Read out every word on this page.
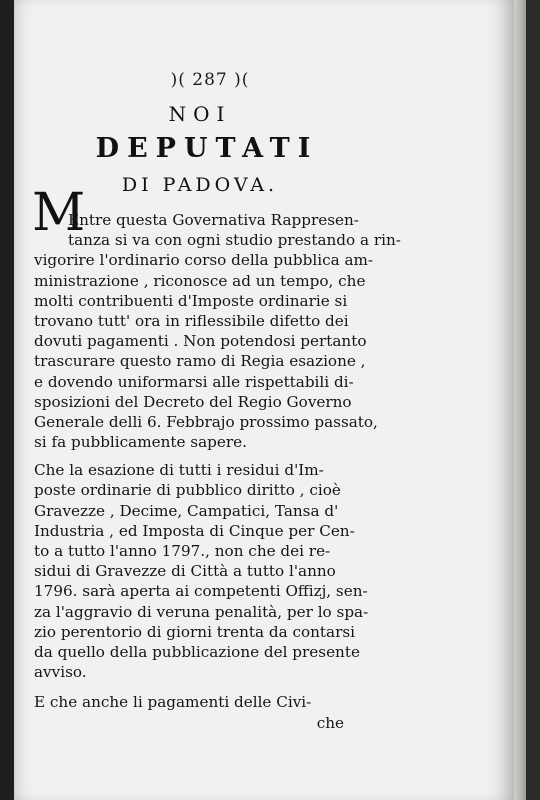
)( 287 )(
NOI
DEPUTATI
DI PADOVA.
M
Entre questa Governativa Rappresen-
tanza si va con ogni studio prestando a rin-
vigorire l'ordinario corso della pubblica am-
ministrazione , riconosce ad un tempo, che
molti contribuenti d'Imposte ordinarie si
trovano tutt' ora in riflessibile difetto dei
dovuti pagamenti . Non potendosi pertanto
trascurare questo ramo di Regia esazione ,
e dovendo uniformarsi alle rispettabili di-
sposizioni del Decreto del Regio Governo
Generale delli 6. Febbrajo prossimo passato,
si fa pubblicamente sapere.
Che la esazione di tutti i residui d'Im-
poste ordinarie di pubblico diritto , cioè
Gravezze , Decime, Campatici, Tansa d'
Industria , ed Imposta di Cinque per Cen-
to a tutto l'anno 1797., non che dei re-
sidui di Gravezze di Città a tutto l'anno
1796. sarà aperta ai competenti Offizj, sen-
za l'aggravio di veruna penalità, per lo spa-
zio perentorio di giorni trenta da contarsi
da quello della pubblicazione del presente
avviso.
E che anche li pagamenti delle Civi-
che
